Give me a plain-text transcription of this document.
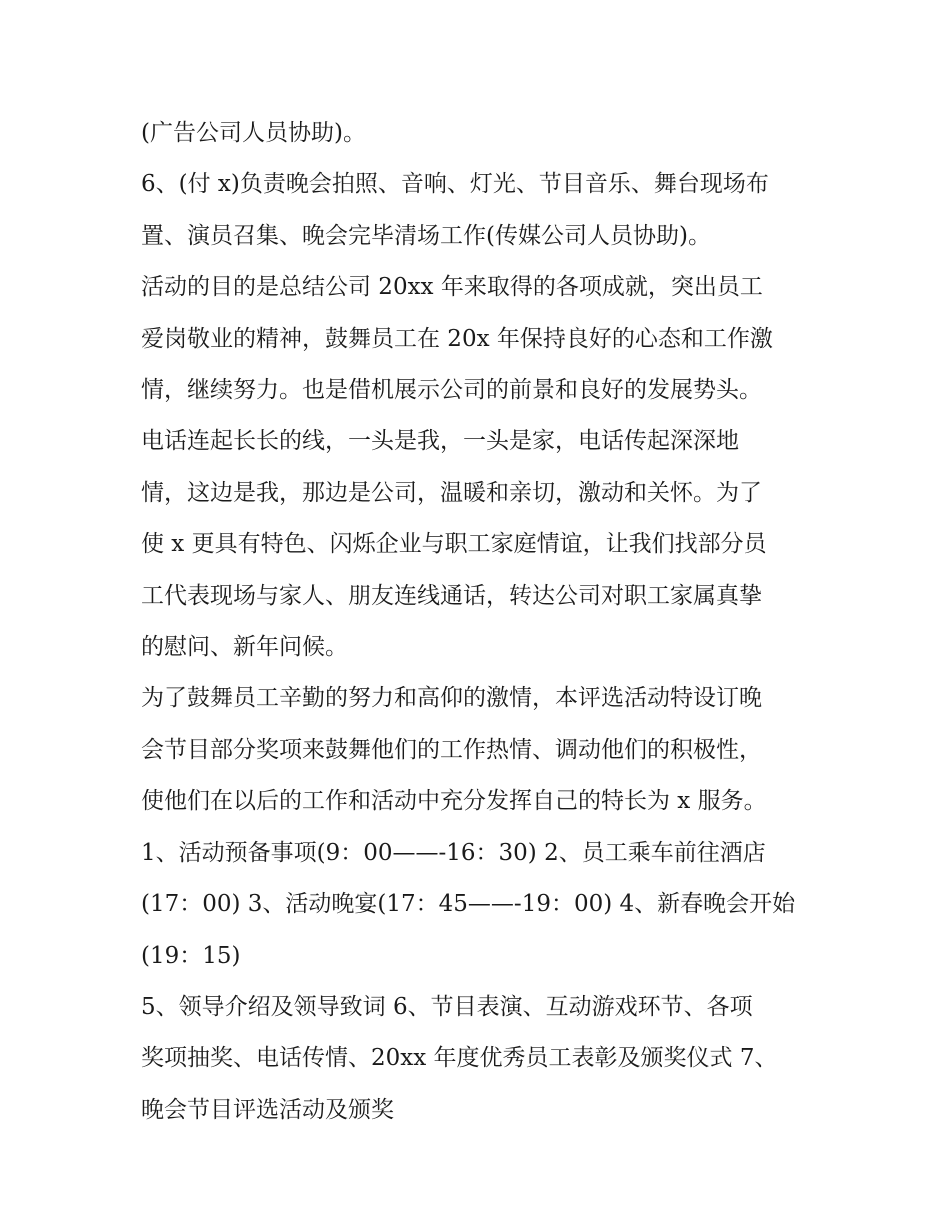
(广告公司人员协助)。

6、(付 x)负责晚会拍照、音响、灯光、节目音乐、舞台现场布

置、演员召集、晚会完毕清场工作(传媒公司人员协助)。

活动的目的是总结公司 20xx 年来取得的各项成就，突出员工

爱岗敬业的精神，鼓舞员工在 20x 年保持良好的心态和工作激

情，继续努力。也是借机展示公司的前景和良好的发展势头。

电话连起长长的线，一头是我，一头是家，电话传起深深地

情，这边是我，那边是公司，温暖和亲切，激动和关怀。为了

使 x 更具有特色、闪烁企业与职工家庭情谊，让我们找部分员

工代表现场与家人、朋友连线通话，转达公司对职工家属真挚

的慰问、新年问候。

为了鼓舞员工辛勤的努力和高仰的激情，本评选活动特设订晚

会节目部分奖项来鼓舞他们的工作热情、调动他们的积极性，

使他们在以后的工作和活动中充分发挥自己的特长为 x 服务。

1、活动预备事项(9：00——-16：30) 2、员工乘车前往酒店

(17：00) 3、活动晚宴(17：45——-19：00) 4、新春晚会开始

(19：15)

5、领导介绍及领导致词 6、节目表演、互动游戏环节、各项

奖项抽奖、电话传情、20xx 年度优秀员工表彰及颁奖仪式 7、

晚会节目评选活动及颁奖
